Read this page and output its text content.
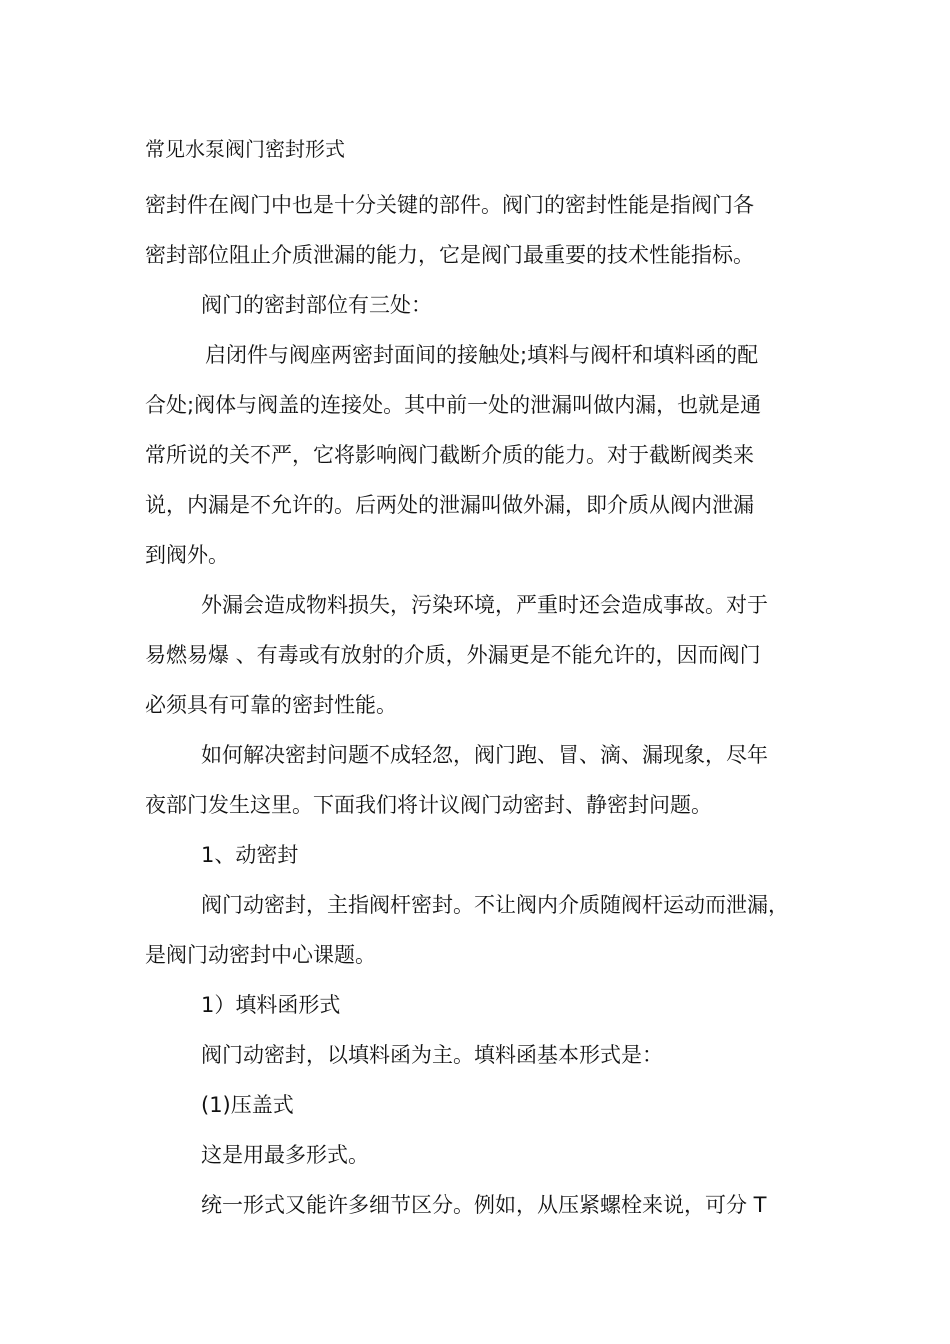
常见水泵阀门密封形式
密封件在阀门中也是十分关键的部件。阀门的密封性能是指阀门各
密封部位阻止介质泄漏的能力，它是阀门最重要的技术性能指标。
阀门的密封部位有三处：
启闭件与阀座两密封面间的接触处;填料与阀杆和填料函的配
合处;阀体与阀盖的连接处。其中前一处的泄漏叫做内漏，也就是通
常所说的关不严，它将影响阀门截断介质的能力。对于截断阀类来
说，内漏是不允许的。后两处的泄漏叫做外漏，即介质从阀内泄漏
到阀外。
外漏会造成物料损失，污染环境，严重时还会造成事故。对于
易燃易爆 、有毒或有放射的介质，外漏更是不能允许的，因而阀门
必须具有可靠的密封性能。
如何解决密封问题不成轻忽，阀门跑、冒、滴、漏现象，尽年
夜部门发生这里。下面我们将计议阀门动密封、静密封问题。
1、动密封
阀门动密封，主指阀杆密封。不让阀内介质随阀杆运动而泄漏，
是阀门动密封中心课题。
1）填料函形式
阀门动密封，以填料函为主。填料函基本形式是：
(1)压盖式
这是用最多形式。
统一形式又能许多细节区分。例如，从压紧螺栓来说，可分 T
